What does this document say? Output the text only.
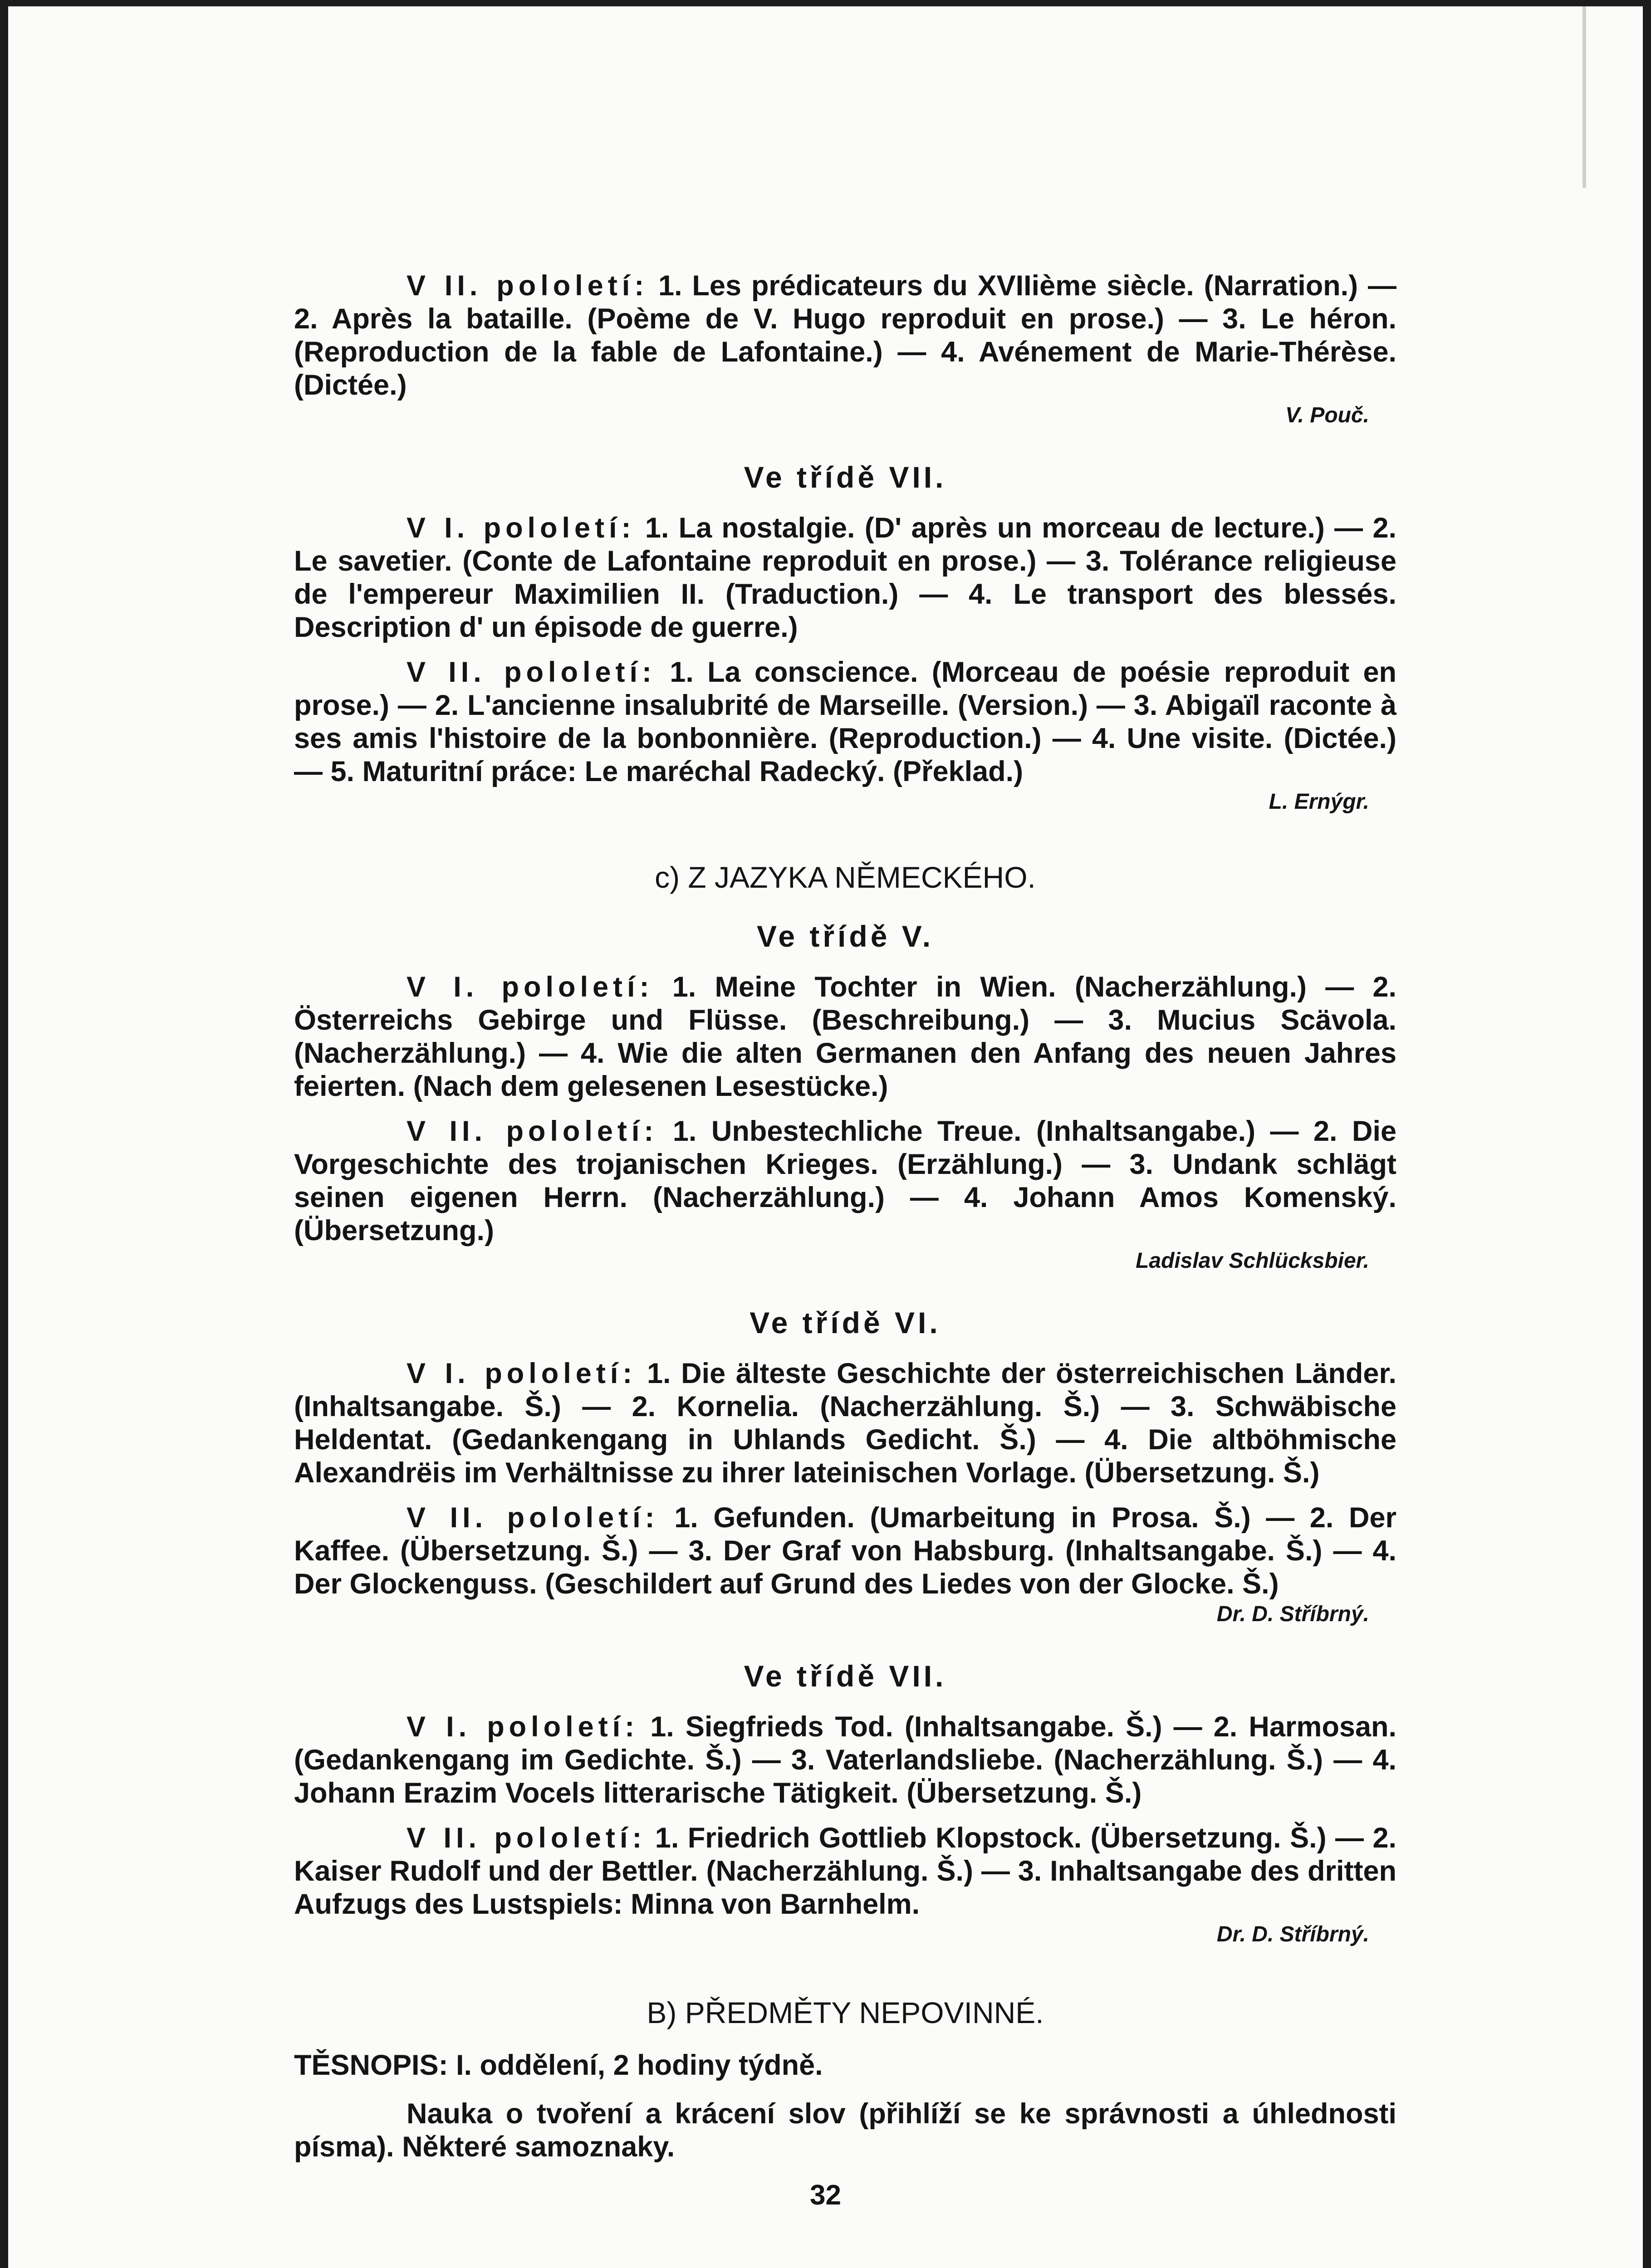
V II. pololetí: 1. Les prédicateurs du XVIIième siècle. (Narration.) — 2. Après la bataille. (Poème de V. Hugo reproduit en prose.) — 3. Le héron. (Reproduction de la fable de Lafontaine.) — 4. Avénement de Marie-Thérèse. (Dictée.)
V. Pouč.

Ve třídě VII.

V I. pololetí: 1. La nostalgie. (D' après un morceau de lecture.) — 2. Le savetier. (Conte de Lafontaine reproduit en prose.) — 3. Tolérance religieuse de l'empereur Maximilien II. (Traduction.) — 4. Le transport des blessés. Description d' un épisode de guerre.)

V II. pololetí: 1. La conscience. (Morceau de poésie reproduit en prose.) — 2. L'ancienne insalubrité de Marseille. (Version.) — 3. Abigaïl raconte à ses amis l'histoire de la bonbonnière. (Reproduction.) — 4. Une visite. (Dictée.) — 5. Maturitní práce: Le maréchal Radecký. (Překlad.)
L. Ernýgr.

c) Z JAZYKA NĚMECKÉHO.
Ve třídě V.

V I. pololetí: 1. Meine Tochter in Wien. (Nacherzählung.) — 2. Österreichs Gebirge und Flüsse. (Beschreibung.) — 3. Mucius Scävola. (Nacherzählung.) — 4. Wie die alten Germanen den Anfang des neuen Jahres feierten. (Nach dem gelesenen Lesestücke.)

V II. pololetí: 1. Unbestechliche Treue. (Inhaltsangabe.) — 2. Die Vorgeschichte des trojanischen Krieges. (Erzählung.) — 3. Undank schlägt seinen eigenen Herrn. (Nacherzählung.) — 4. Johann Amos Komenský. (Übersetzung.)
Ladislav Schlücksbier.

Ve třídě VI.

V I. pololetí: 1. Die älteste Geschichte der österreichischen Länder. (Inhaltsangabe. Š.) — 2. Kornelia. (Nacherzählung. Š.) — 3. Schwäbische Heldentat. (Gedankengang in Uhlands Gedicht. Š.) — 4. Die altböhmische Alexandrëis im Verhältnisse zu ihrer lateinischen Vorlage. (Übersetzung. Š.)

V II. pololetí: 1. Gefunden. (Umarbeitung in Prosa. Š.) — 2. Der Kaffee. (Übersetzung. Š.) — 3. Der Graf von Habsburg. (Inhaltsangabe. Š.) — 4. Der Glockenguss. (Geschildert auf Grund des Liedes von der Glocke. Š.)
Dr. D. Stříbrný.

Ve třídě VII.

V I. pololetí: 1. Siegfrieds Tod. (Inhaltsangabe. Š.) — 2. Harmosan. (Gedankengang im Gedichte. Š.) — 3. Vaterlandsliebe. (Nacherzählung. Š.) — 4. Johann Erazim Vocels litterarische Tätigkeit. (Übersetzung. Š.)

V II. pololetí: 1. Friedrich Gottlieb Klopstock. (Übersetzung. Š.) — 2. Kaiser Rudolf und der Bettler. (Nacherzählung. Š.) — 3. Inhaltsangabe des dritten Aufzugs des Lustspiels: Minna von Barnhelm.
Dr. D. Stříbrný.

B) PŘEDMĚTY NEPOVINNÉ.

TĚSNOPIS: I. oddělení, 2 hodiny týdně.

Nauka o tvoření a krácení slov (přihlíží se ke správnosti a úhlednosti písma). Některé samoznaky.

32
